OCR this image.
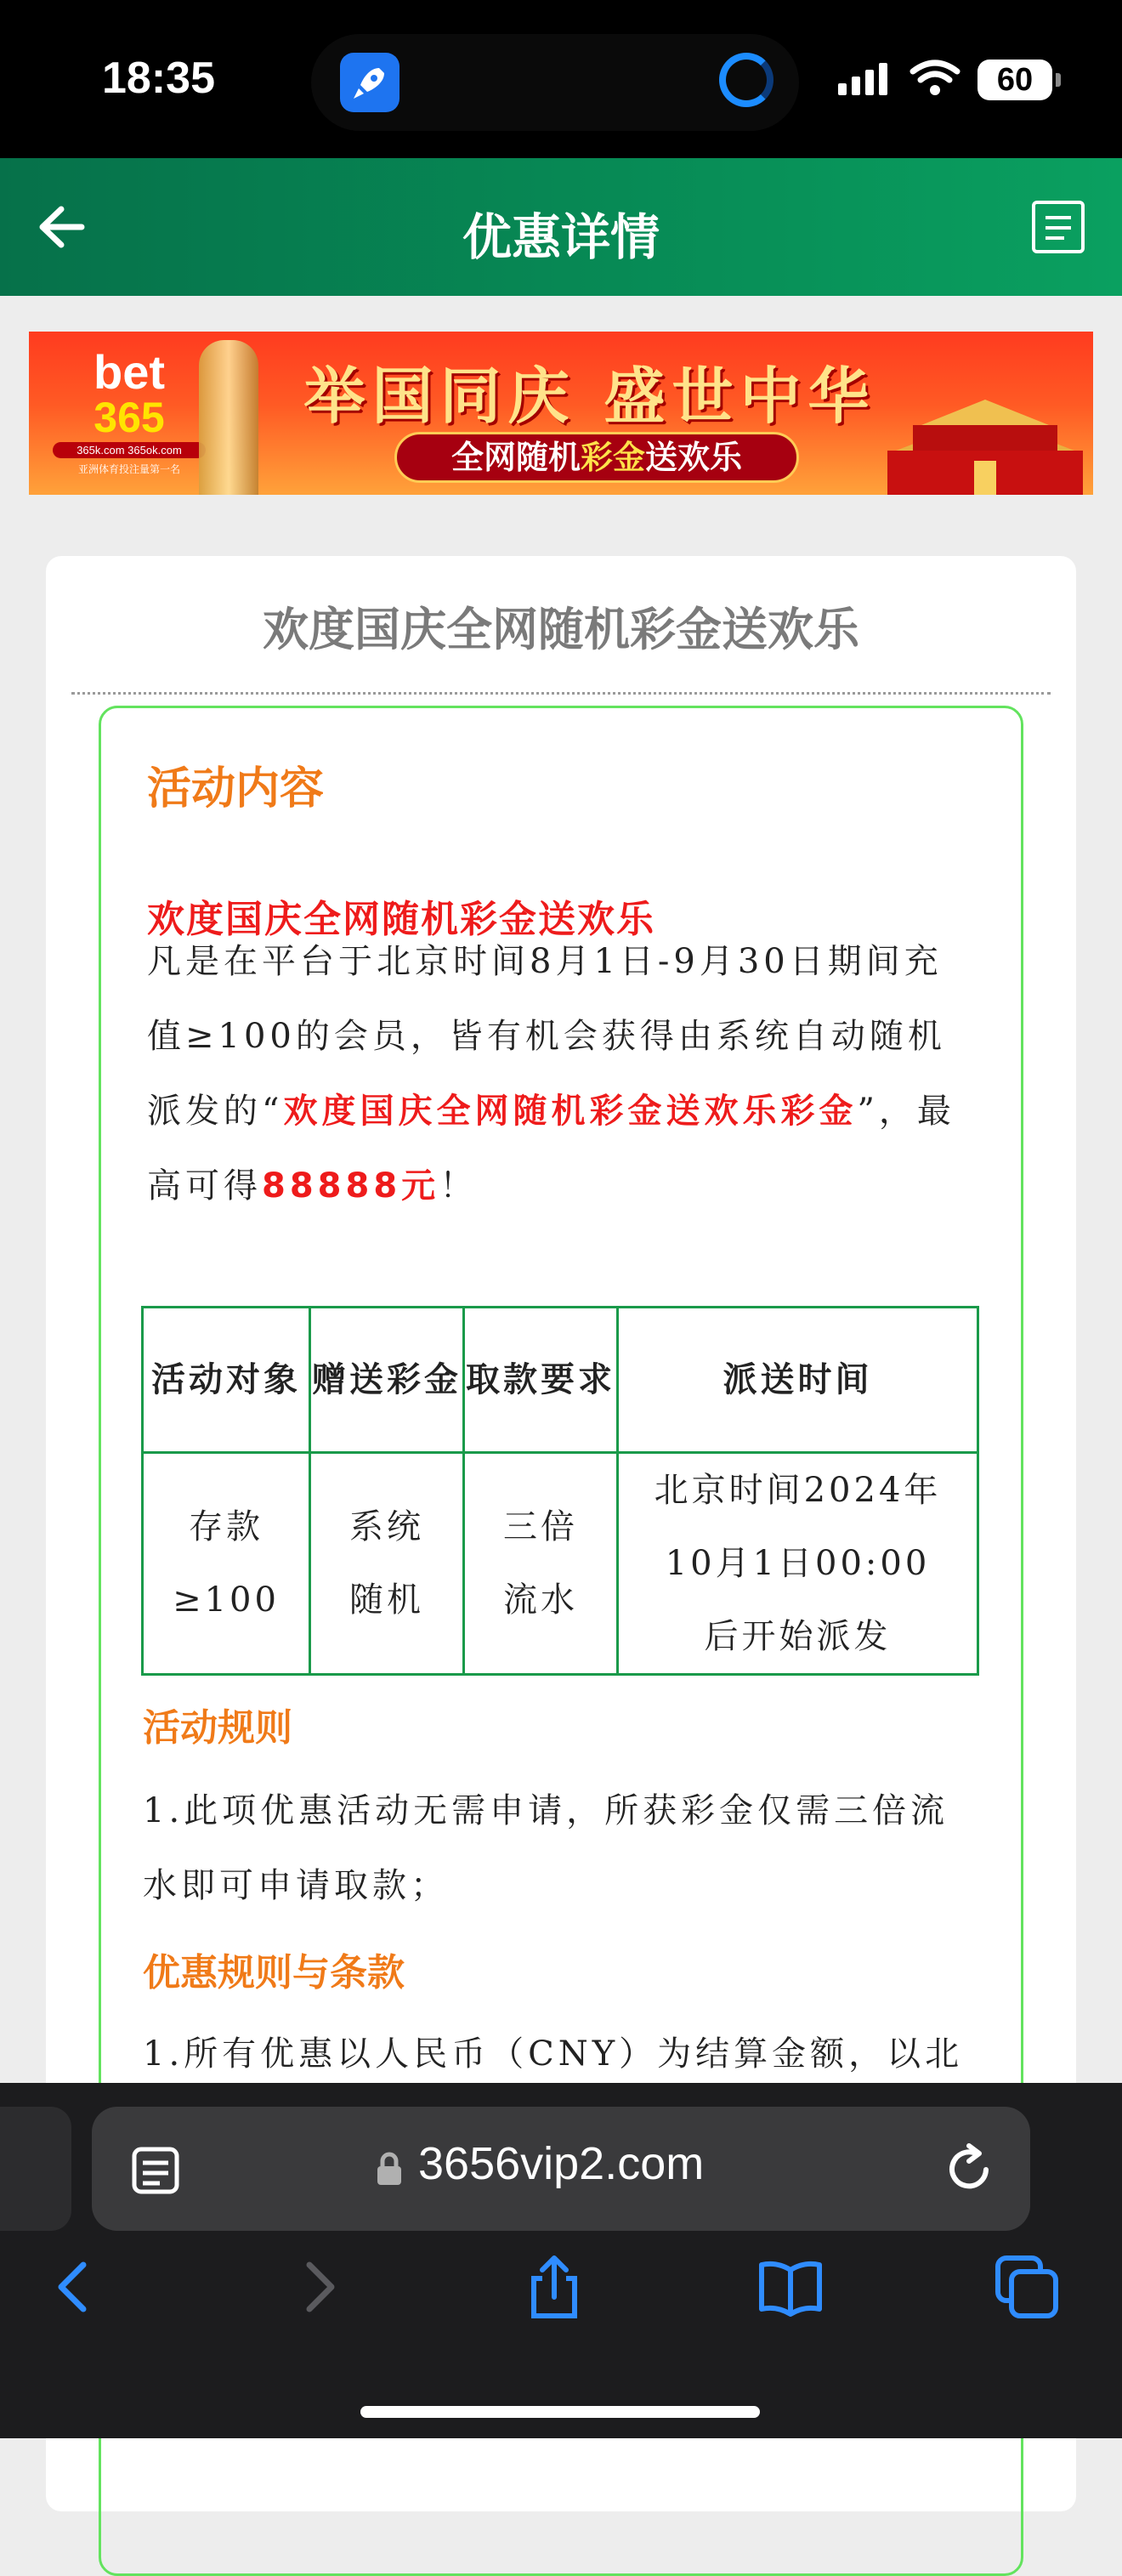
18:35	60
优惠详情
bet
365
365k.com 365ok.com
亚洲体育投注量第一名
举国同庆 盛世中华
全网随机彩金送欢乐
欢度国庆全网随机彩金送欢乐
活动内容
欢度国庆全网随机彩金送欢乐
凡是在平台于北京时间8月1日-9月30日期间充值≥100的会员，皆有机会获得由系统自动随机派发的“欢度国庆全网随机彩金送欢乐彩金”，最高可得88888元！
活动对象	赠送彩金	取款要求	派送时间
存款≥100	系统随机	三倍流水	北京时间2024年10月1日00:00后开始派发
活动规则
1.此项优惠活动无需申请，所获彩金仅需三倍流水即可申请取款；
优惠规则与条款
1.所有优惠以人民币（CNY）为结算金额，以北
3656vip2.com
